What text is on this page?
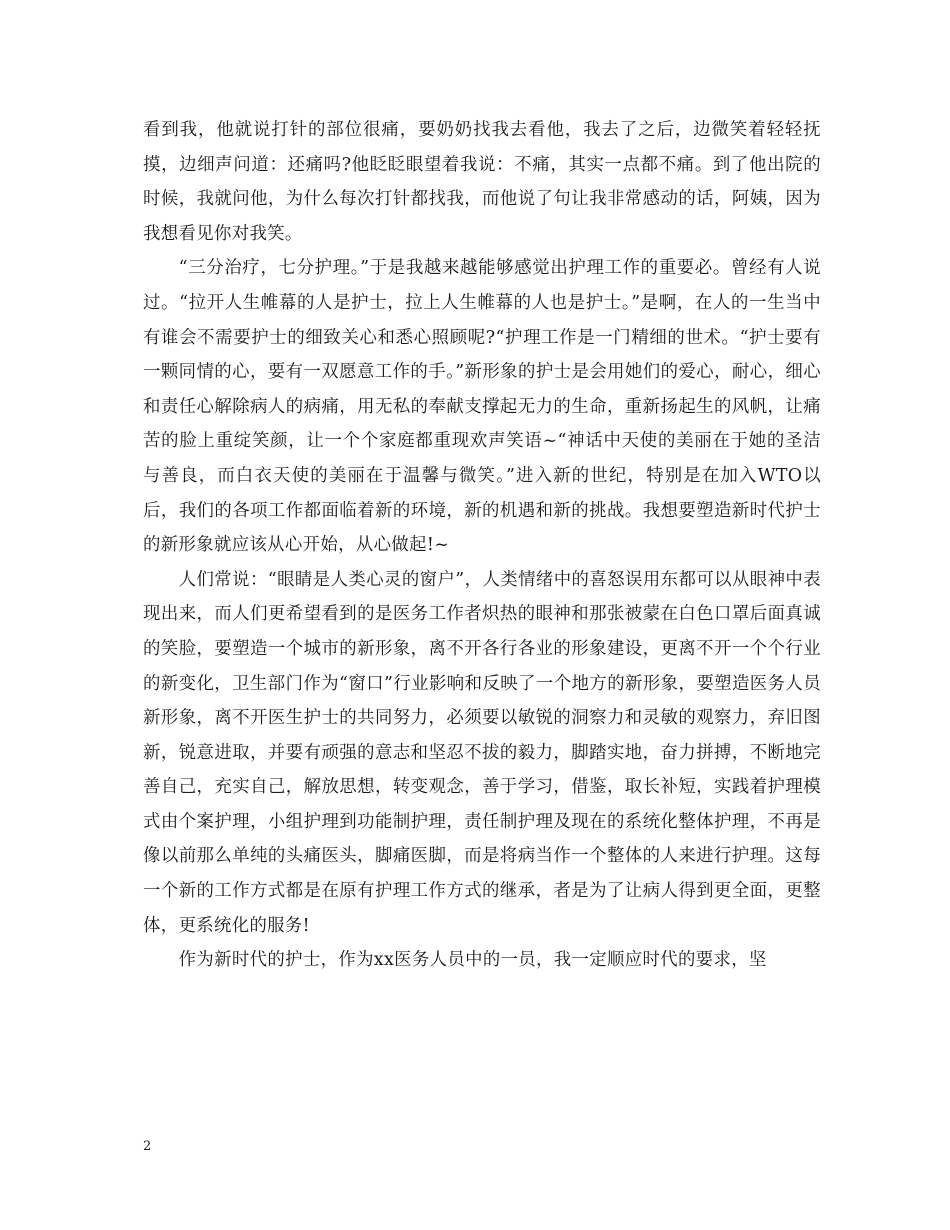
看到我，他就说打针的部位很痛，要奶奶找我去看他，我去了之后，边微笑着轻轻抚摸，边细声问道：还痛吗?他眨眨眼望着我说：不痛，其实一点都不痛。到了他出院的时候，我就问他，为什么每次打针都找我，而他说了句让我非常感动的话，阿姨，因为我想看见你对我笑。

“三分治疗，七分护理。”于是我越来越能够感觉出护理工作的重要必。曾经有人说过。“拉开人生帷幕的人是护士，拉上人生帷幕的人也是护士。”是啊，在人的一生当中有谁会不需要护士的细致关心和悉心照顾呢?“护理工作是一门精细的世术。“护士要有一颗同情的心，要有一双愿意工作的手。”新形象的护士是会用她们的爱心，耐心，细心和责任心解除病人的病痛，用无私的奉献支撑起无力的生命，重新扬起生的风帆，让痛苦的脸上重绽笑颜，让一个个家庭都重现欢声笑语~“神话中天使的美丽在于她的圣洁与善良，而白衣天使的美丽在于温馨与微笑。”进入新的世纪，特别是在加入WTO以后，我们的各项工作都面临着新的环境，新的机遇和新的挑战。我想要塑造新时代护士的新形象就应该从心开始，从心做起!~

人们常说：“眼睛是人类心灵的窗户”，人类情绪中的喜怒误用东都可以从眼神中表现出来，而人们更希望看到的是医务工作者炽热的眼神和那张被蒙在白色口罩后面真诚的笑脸，要塑造一个城市的新形象，离不开各行各业的形象建设，更离不开一个个行业的新变化，卫生部门作为“窗口”行业影响和反映了一个地方的新形象，要塑造医务人员新形象，离不开医生护士的共同努力，必须要以敏锐的洞察力和灵敏的观察力，弃旧图新，锐意进取，并要有顽强的意志和坚忍不拔的毅力，脚踏实地，奋力拼搏，不断地完善自己，充实自己，解放思想，转变观念，善于学习，借鉴，取长补短，实践着护理模式由个案护理，小组护理到功能制护理，责任制护理及现在的系统化整体护理，不再是像以前那么单纯的头痛医头，脚痛医脚，而是将病当作一个整体的人来进行护理。这每一个新的工作方式都是在原有护理工作方式的继承，者是为了让病人得到更全面，更整体，更系统化的服务!

作为新时代的护士，作为xx医务人员中的一员，我一定顺应时代的要求，坚

2
